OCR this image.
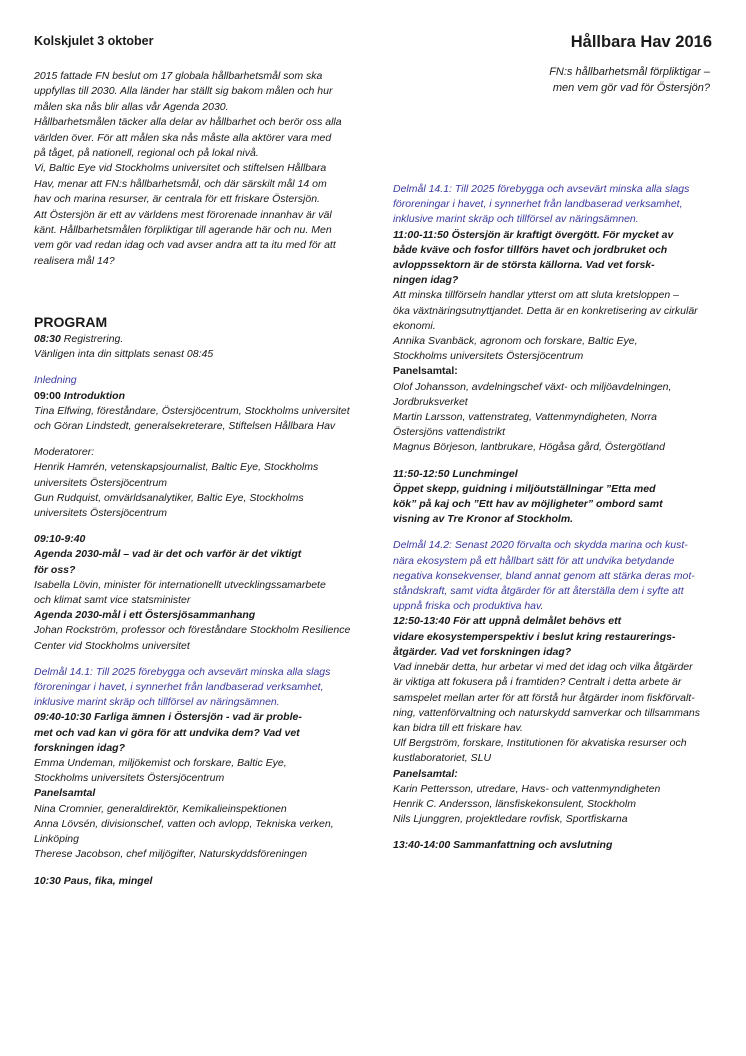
Kolskjulet 3 oktober	Hållbara Hav 2016

FN:s hållbarhetsmål förpliktigar –

men vem gör vad för Östersjön?

2015 fattade FN beslut om 17 globala hållbarhetsmål som ska

uppfyllas till 2030. Alla länder har ställt sig bakom målen och hur

målen ska nås blir allas vår Agenda 2030.

Hållbarhetsmålen täcker alla delar av hållbarhet och berör oss alla

världen över. För att målen ska nås måste alla aktörer vara med

på tåget, på nationell, regional och på lokal nivå.

Vi, Baltic Eye vid Stockholms universitet och stiftelsen Hållbara

Hav, menar att FN:s hållbarhetsmål, och där särskilt mål 14 om

hav och marina resurser, är centrala för ett friskare Östersjön.

Att Östersjön är ett av världens mest förorenade innanhav är väl

känt. Hållbarhetsmålen förpliktigar till agerande här och nu. Men

vem gör vad redan idag och vad avser andra att ta itu med för att

realisera mål 14?

PROGRAM

08:30 Registrering.

Vänligen inta din sittplats senast 08:45

Inledning

09:00 Introduktion

Tina Elfwing, föreståndare, Östersjöcentrum, Stockholms universitet

och Göran Lindstedt, generalsekreterare, Stiftelsen Hållbara Hav

Moderatorer:

Henrik Hamrén, vetenskapsjournalist, Baltic Eye, Stockholms

universitets Östersjöcentrum

Gun Rudquist, omvärldsanalytiker, Baltic Eye, Stockholms

universitets Östersjöcentrum

09:10-9:40

Agenda 2030-mål – vad är det och varför är det viktigt

för oss?

Isabella Lövin, minister för internationellt utvecklingssamarbete

och klimat samt vice statsminister

Agenda 2030-mål i ett Östersjösammanhang

Johan Rockström, professor och föreståndare Stockholm Resilience

Center vid Stockholms universitet

Delmål 14.1: Till 2025 förebygga och avsevärt minska alla slags

föroreningar i havet, i synnerhet från landbaserad verksamhet,

inklusive marint skräp och tillförsel av näringsämnen.

09:40-10:30 Farliga ämnen i Östersjön - vad är proble-

met och vad kan vi göra för att undvika dem? Vad vet

forskningen idag?

Emma Undeman, miljökemist och forskare, Baltic Eye,

Stockholms universitets Östersjöcentrum

Panelsamtal

Nina Cromnier, generaldirektör, Kemikalieinspektionen

Anna Lövsén, divisionschef, vatten och avlopp, Tekniska verken,

Linköping

Therese Jacobson, chef miljögifter, Naturskyddsföreningen

10:30 Paus, fika, mingel

Delmål 14.1: Till 2025 förebygga och avsevärt minska alla slags

föroreningar i havet, i synnerhet från landbaserad verksamhet,

inklusive marint skräp och tillförsel av näringsämnen.

11:00-11:50 Östersjön är kraftigt övergött. För mycket av

både kväve och fosfor tillförs havet och jordbruket och

avloppssektorn är de största källorna. Vad vet forsk-

ningen idag?

Att minska tillförseln handlar ytterst om att sluta kretsloppen –

öka växtnäringsutnyttjandet. Detta är en konkretisering av cirkulär

ekonomi.

Annika Svanbäck, agronom och forskare, Baltic Eye,

Stockholms universitets Östersjöcentrum

Panelsamtal:

Olof Johansson, avdelningschef växt- och miljöavdelningen,

Jordbruksverket

Martin Larsson, vattenstrateg, Vattenmyndigheten, Norra

Östersjöns vattendistrikt

Magnus Börjeson, lantbrukare, Högåsa gård, Östergötland

11:50-12:50 Lunchmingel

Öppet skepp, guidning i miljöutställningar ”Etta med

kök” på kaj och ”Ett hav av möjligheter” ombord samt

visning av Tre Kronor af Stockholm.

Delmål 14.2: Senast 2020 förvalta och skydda marina och kust-

nära ekosystem på ett hållbart sätt för att undvika betydande

negativa konsekvenser, bland annat genom att stärka deras mot-

ståndskraft, samt vidta åtgärder för att återställa dem i syfte att

uppnå friska och produktiva hav.

12:50-13:40 För att uppnå delmålet behövs ett

vidare ekosystemperspektiv i beslut kring restaurerings-

åtgärder. Vad vet forskningen idag?

Vad innebär detta, hur arbetar vi med det idag och vilka åtgärder

är viktiga att fokusera på i framtiden? Centralt i detta arbete är

samspelet mellan arter för att förstå hur åtgärder inom fiskförvalt-

ning, vattenförvaltning och naturskydd samverkar och tillsammans

kan bidra till ett friskare hav.

Ulf Bergström, forskare, Institutionen för akvatiska resurser och

kustlaboratoriet, SLU

Panelsamtal:

Karin Pettersson, utredare, Havs- och vattenmyndigheten

Henrik C. Andersson, länsfiskekonsulent, Stockholm

Nils Ljunggren, projektledare rovfisk, Sportfiskarna

13:40-14:00 Sammanfattning och avslutning
